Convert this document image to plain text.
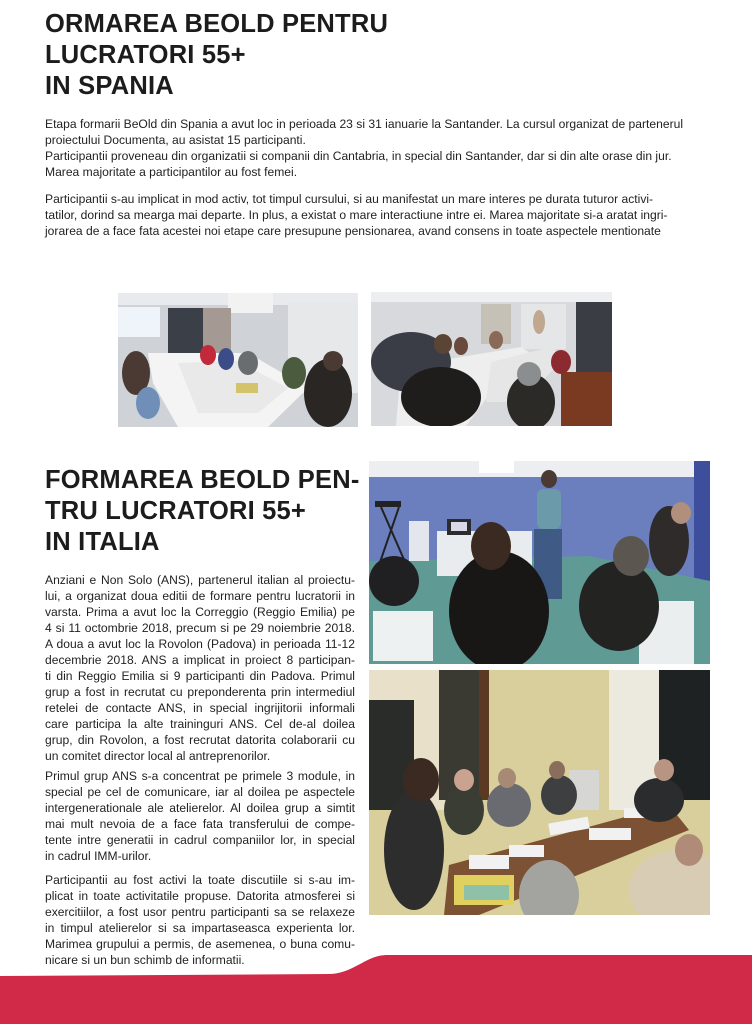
ORMAREA BEOLD PENTRU
LUCRATORI 55+
IN SPANIA

Etapa formarii BeOld din Spania a avut loc in perioada 23 si 31 ianuarie la Santander. La cursul organizat de partenerul

proiectului Documenta, au asistat 15 participanti.

Participantii proveneau din organizatii si companii din Cantabria, in special din Santander, dar si din alte orase din jur.

Marea majoritate a participantilor au fost femei.

Participantii s-au implicat in mod activ, tot timpul cursului, si au manifestat un mare interes pe durata tuturor activi-

tatilor, dorind sa mearga mai departe. In plus, a existat o mare interactiune intre ei. Marea majoritate si-a aratat ingri-

jorarea de a face fata acestei noi etape care presupune pensionarea, avand consens in toate aspectele mentionate

FORMAREA BEOLD PEN-
TRU LUCRATORI 55+
IN ITALIA
Anziani e Non Solo (ANS), partenerul italian al proiectu-
lui, a organizat doua editii de formare pentru lucratorii in
varsta. Prima a avut loc la Correggio (Reggio Emilia) pe
4 si 11 octombrie 2018, precum si pe 29 noiembrie 2018.
A doua a avut loc la Rovolon (Padova) in perioada 11-12
decembrie 2018. ANS a implicat in proiect 8 participan-
ti din Reggio Emilia si 9 participanti din Padova. Primul
grup a fost in recrutat cu preponderenta prin intermediul
retelei de contacte ANS, in special ingrijitorii informali
care participa la alte traininguri ANS. Cel de-al doilea
grup, din Rovolon, a fost recrutat datorita colaborarii cu
un comitet director local al antreprenorilor.
Primul grup ANS s-a concentrat pe primele 3 module, in
special pe cel de comunicare, iar al doilea pe aspectele
intergenerationale ale atelierelor. Al doilea grup a simtit
mai mult nevoia de a face fata transferului de compe-
tente intre generatii in cadrul companiilor lor, in special
in cadrul IMM-urilor.
Participantii au fost activi la toate discutiile si s-au im-
plicat in toate activitatile propuse. Datorita atmosferei si
exercitiilor, a fost usor pentru participanti sa se relaxeze
in timpul atelierelor si sa impartaseasca experienta lor.
Marimea grupului a permis, de asemenea, o buna comu-
nicare si un bun schimb de informatii.
